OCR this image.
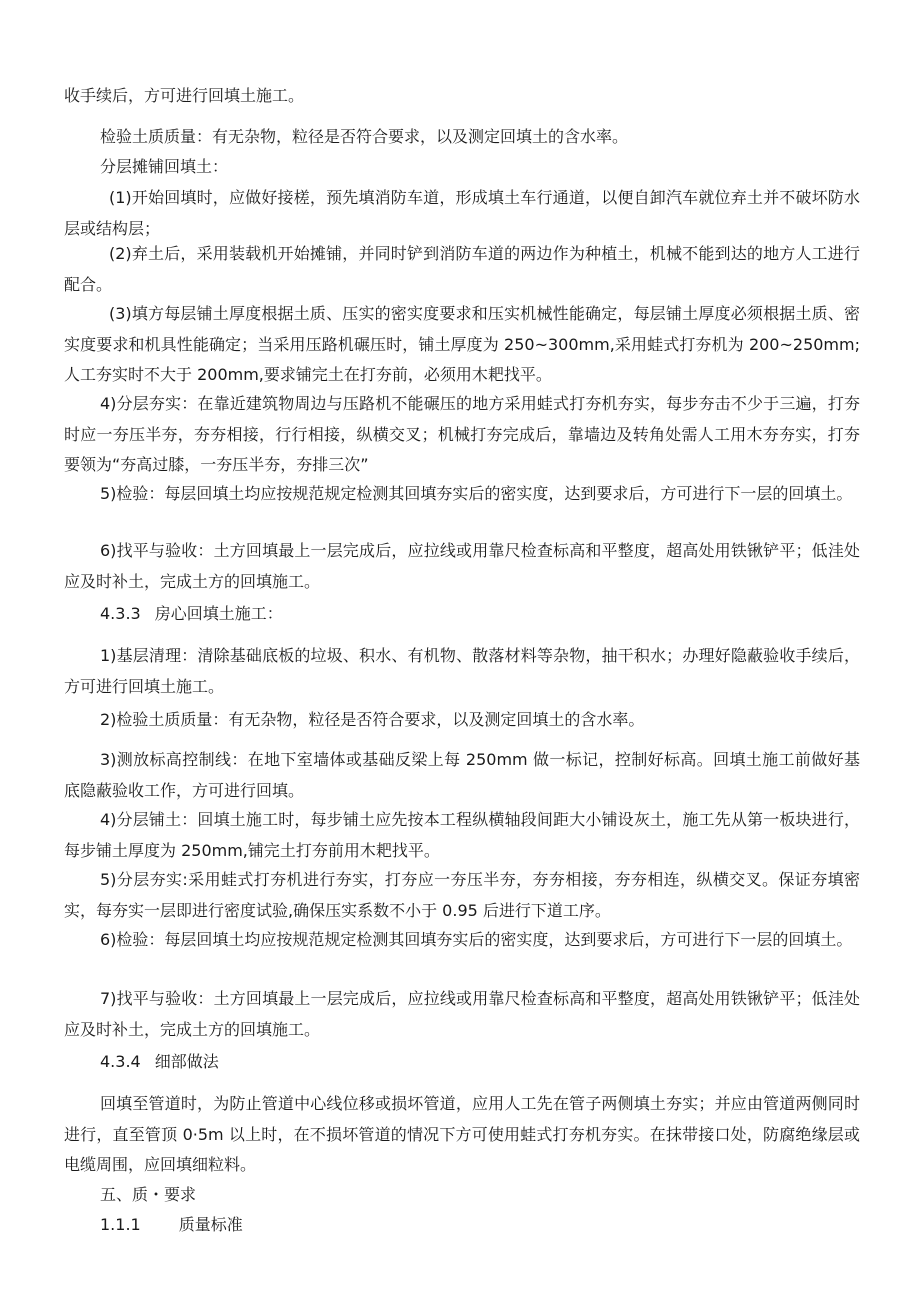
收手续后，方可进行回填土施工。

检验土质质量：有无杂物，粒径是否符合要求，以及测定回填土的含水率。

分层摊铺回填土：

(1)开始回填时，应做好接槎，预先填消防车道，形成填土车行通道，以便自卸汽车就位弃土并不破坏防水层或结构层；

(2)弃土后，采用装载机开始摊铺，并同时铲到消防车道的两边作为种植土，机械不能到达的地方人工进行配合。

(3)填方每层铺土厚度根据土质、压实的密实度要求和压实机械性能确定，每层铺土厚度必须根据土质、密实度要求和机具性能确定；当采用压路机碾压时，铺土厚度为 250~300mm,采用蛙式打夯机为 200~250mm;人工夯实时不大于 200mm,要求铺完土在打夯前，必须用木耙找平。

4)分层夯实：在靠近建筑物周边与压路机不能碾压的地方采用蛙式打夯机夯实，每步夯击不少于三遍，打夯时应一夯压半夯，夯夯相接，行行相接，纵横交叉；机械打夯完成后，靠墙边及转角处需人工用木夯夯实，打夯要领为“夯高过膝，一夯压半夯，夯排三次”

5)检验：每层回填土均应按规范规定检测其回填夯实后的密实度，达到要求后，方可进行下一层的回填土。

6)找平与验收：土方回填最上一层完成后，应拉线或用靠尺检查标高和平整度，超高处用铁锹铲平；低洼处应及时补土，完成土方的回填施工。

4.3.3 房心回填土施工：

1)基层清理：清除基础底板的垃圾、积水、有机物、散落材料等杂物，抽干积水；办理好隐蔽验收手续后，方可进行回填土施工。

2)检验土质质量：有无杂物，粒径是否符合要求，以及测定回填土的含水率。

3)测放标高控制线：在地下室墙体或基础反梁上每 250mm 做一标记，控制好标高。回填土施工前做好基底隐蔽验收工作，方可进行回填。

4)分层铺土：回填土施工时，每步铺土应先按本工程纵横轴段间距大小铺设灰土，施工先从第一板块进行，每步铺土厚度为 250mm,铺完土打夯前用木耙找平。

5)分层夯实:采用蛙式打夯机进行夯实，打夯应一夯压半夯，夯夯相接，夯夯相连，纵横交叉。保证夯填密实，每夯实一层即进行密度试验,确保压实系数不小于 0.95 后进行下道工序。

6)检验：每层回填土均应按规范规定检测其回填夯实后的密实度，达到要求后，方可进行下一层的回填土。

7)找平与验收：土方回填最上一层完成后，应拉线或用靠尺检查标高和平整度，超高处用铁锹铲平；低洼处应及时补土，完成土方的回填施工。

4.3.4 细部做法

回填至管道时，为防止管道中心线位移或损坏管道，应用人工先在管子两侧填土夯实；并应由管道两侧同时进行，直至管顶 0·5m 以上时，在不损坏管道的情况下方可使用蛙式打夯机夯实。在抹带接口处，防腐绝缘层或电缆周围，应回填细粒料。

五、质・要求

1.1.1 质量标准
